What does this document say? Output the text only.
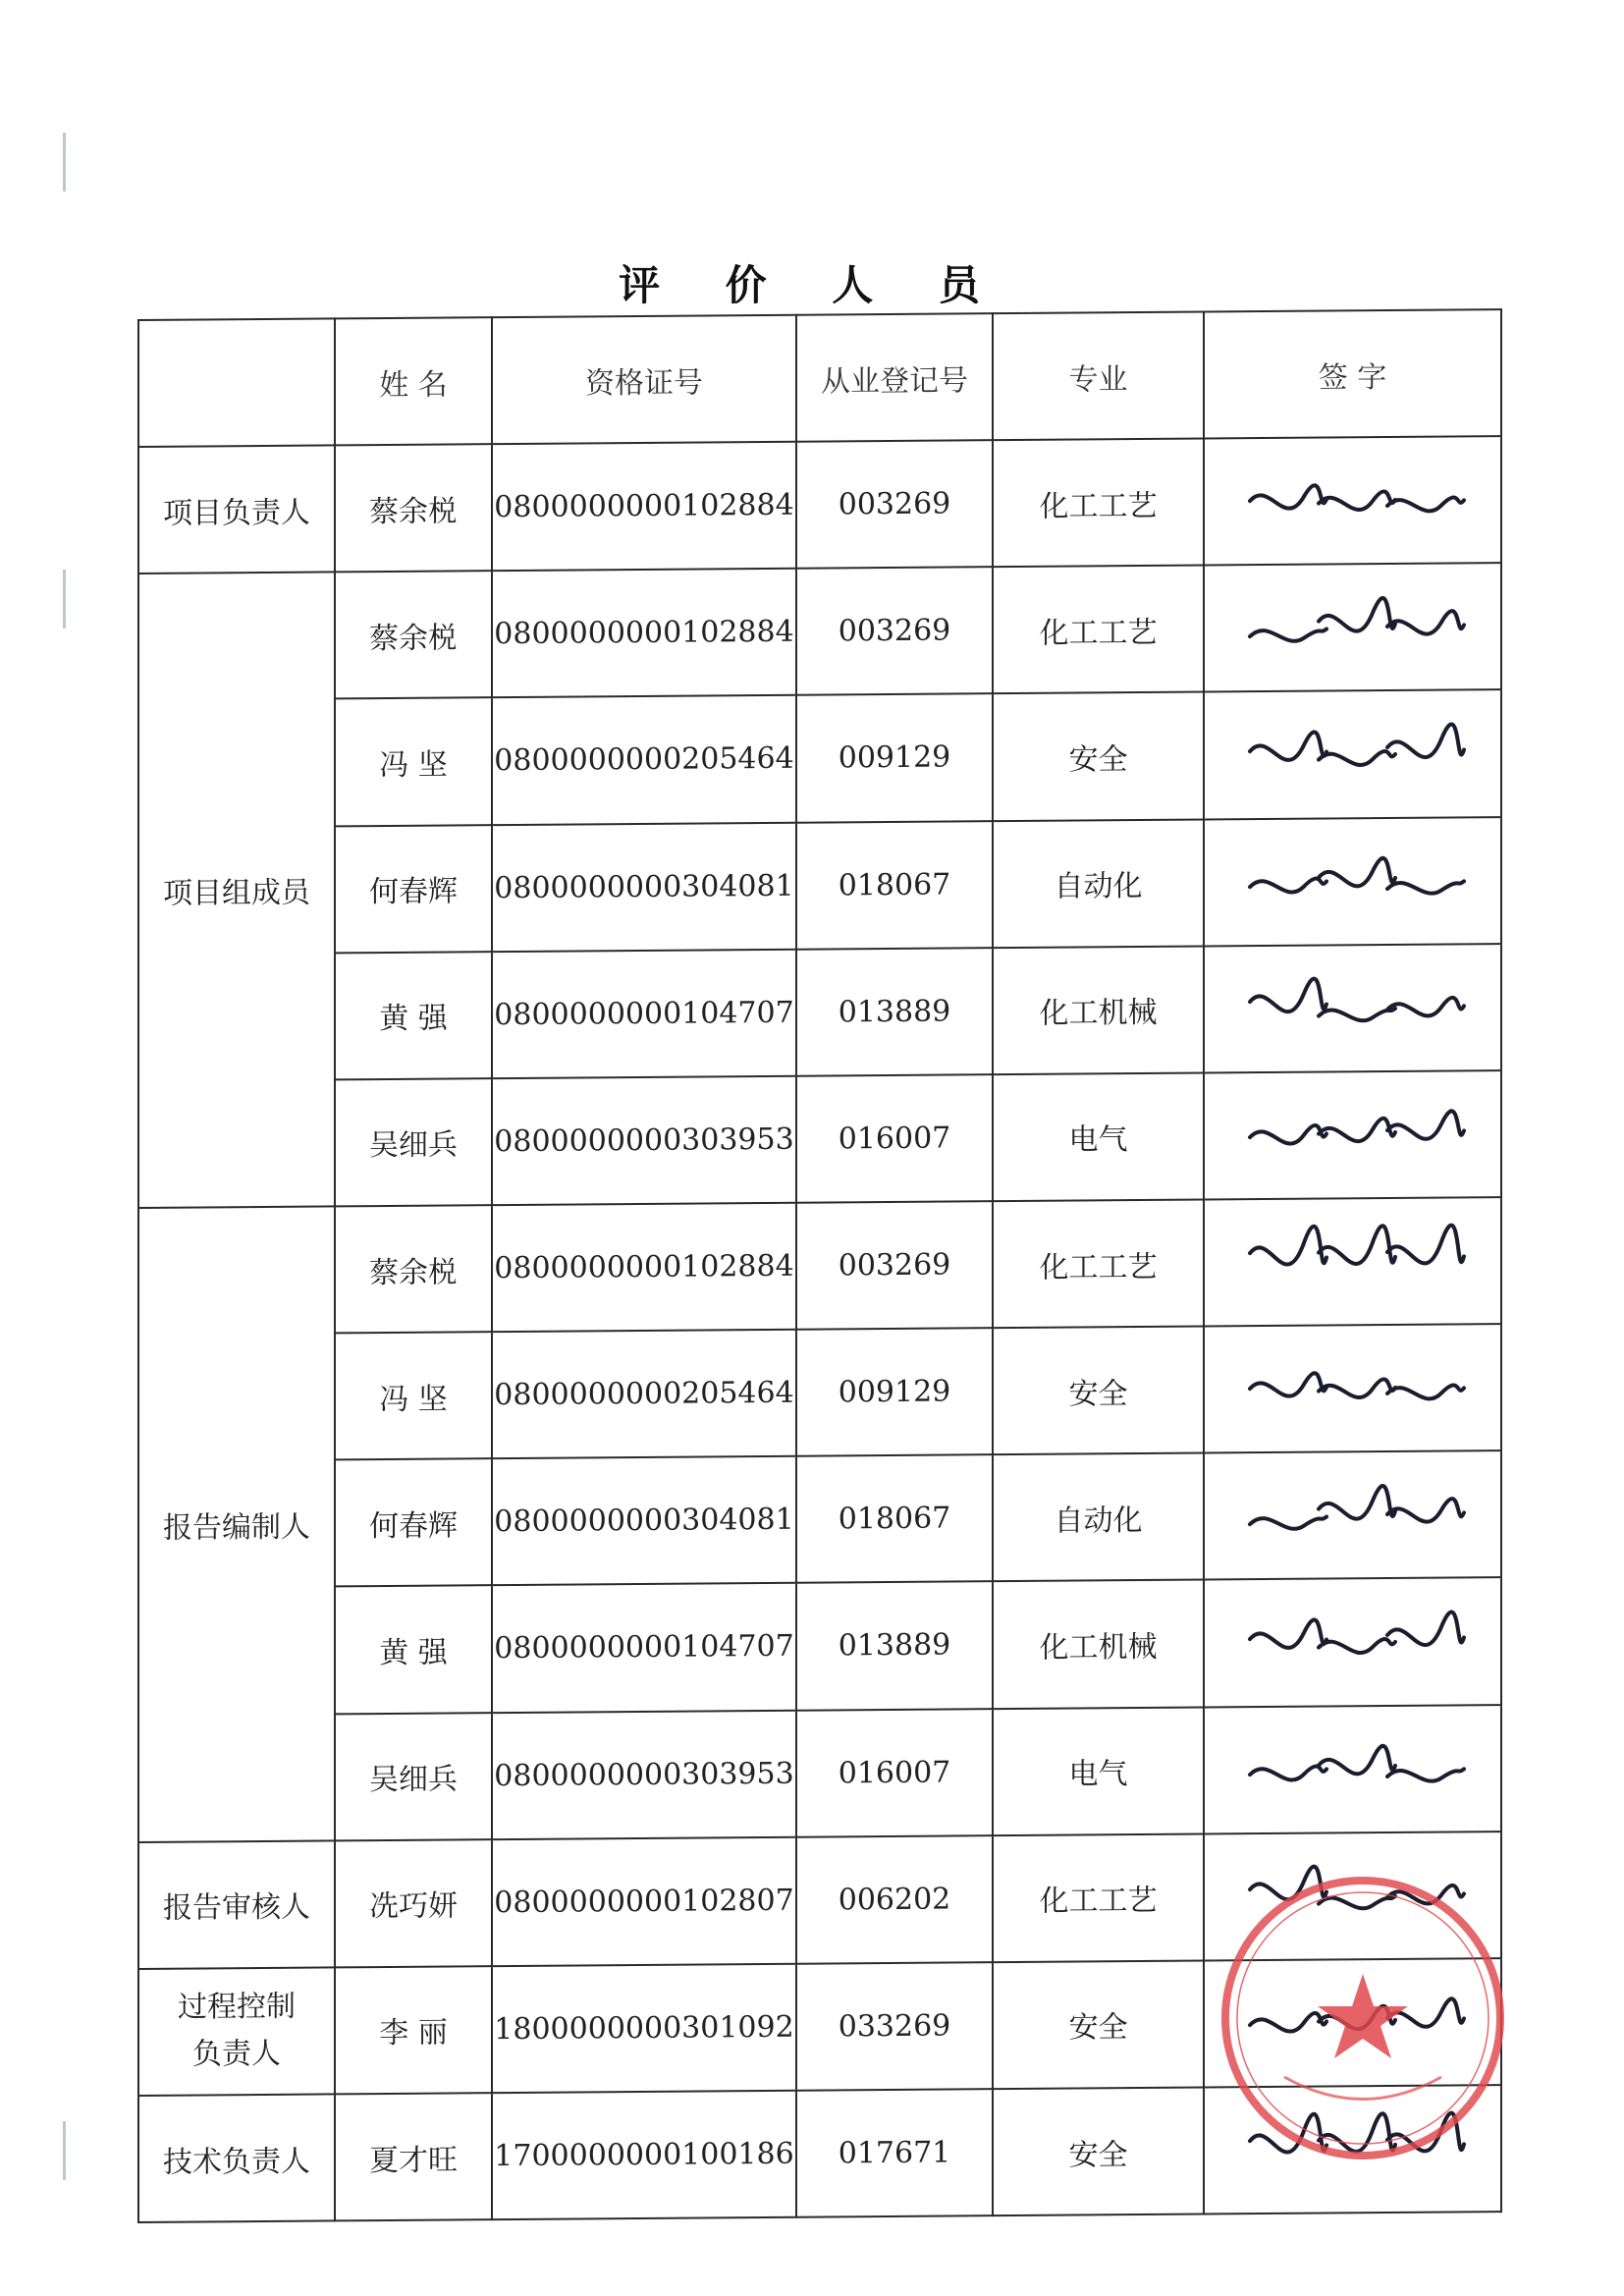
评 价 人 员
	姓 名	资格证号	从业登记号	专业	签 字
项目负责人	蔡余棁	0800000000102884	003269	化工工艺	

项目组成员	蔡余棁	0800000000102884	003269	化工工艺	

	冯 坚	0800000000205464	009129	安全	

	何春辉	0800000000304081	018067	自动化	

	黄 强	0800000000104707	013889	化工机械	

	吴细兵	0800000000303953	016007	电气	

报告编制人	蔡余棁	0800000000102884	003269	化工工艺	

	冯 坚	0800000000205464	009129	安全	

	何春辉	0800000000304081	018067	自动化	

	黄 强	0800000000104707	013889	化工机械	

	吴细兵	0800000000303953	016007	电气	

报告审核人	冼巧妍	0800000000102807	006202	化工工艺	

过程控制
负责人	李 丽	1800000000301092	033269	安全	

技术负责人	夏才旺	1700000000100186	017671	安全	
